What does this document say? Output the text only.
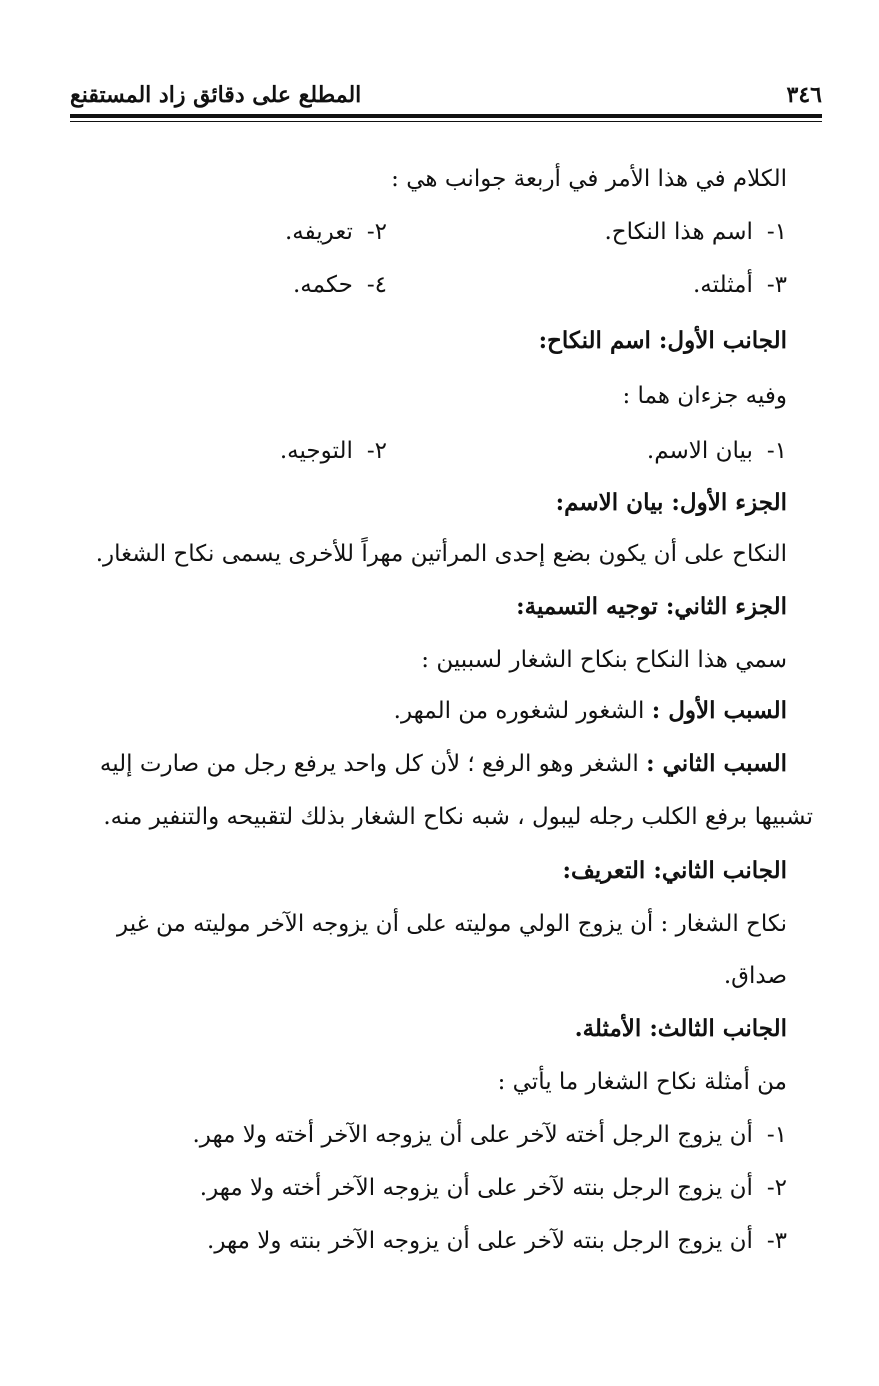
٣٤٦
المطلع على دقائق زاد المستقنع
الكلام في هذا الأمر في أربعة جوانب هي :
١-اسم هذا النكاح.
٢-تعريفه.
٣-أمثلته.
٤-حكمه.
الجانب الأول: اسم النكاح:
وفيه جزءان هما :
١-بيان الاسم.
٢-التوجيه.
الجزء الأول: بيان الاسم:
النكاح على أن يكون بضع إحدى المرأتين مهراً للأخرى يسمى نكاح الشغار.
الجزء الثاني: توجيه التسمية:
سمي هذا النكاح بنكاح الشغار لسببين :
السبب الأول : الشغور لشغوره من المهر.
السبب الثاني : الشغر وهو الرفع ؛ لأن كل واحد يرفع رجل من صارت إليه
تشبيها برفع الكلب رجله ليبول ، شبه نكاح الشغار بذلك لتقبيحه والتنفير منه.
الجانب الثاني: التعريف:
نكاح الشغار : أن يزوج الولي موليته على أن يزوجه الآخر موليته من غير
صداق.
الجانب الثالث: الأمثلة.
من أمثلة نكاح الشغار ما يأتي :
١-أن يزوج الرجل أخته لآخر على أن يزوجه الآخر أخته ولا مهر.
٢-أن يزوج الرجل بنته لآخر على أن يزوجه الآخر أخته ولا مهر.
٣-أن يزوج الرجل بنته لآخر على أن يزوجه الآخر بنته ولا مهر.
